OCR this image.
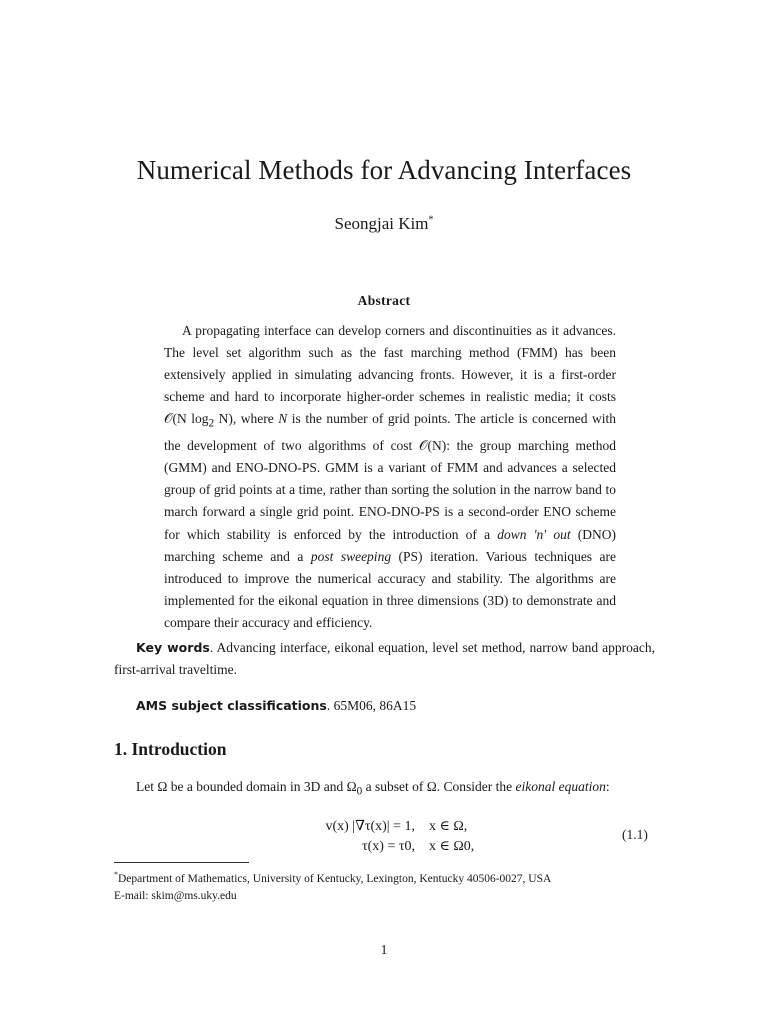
Numerical Methods for Advancing Interfaces

Seongjai Kim*

Abstract

A propagating interface can develop corners and discontinuities as it advances. The level set algorithm such as the fast marching method (FMM) has been extensively applied in simulating advancing fronts. However, it is a first-order scheme and hard to incorporate higher-order schemes in realistic media; it costs 𝒪(N $\log_2 N$), where N is the number of grid points. The article is concerned with the development of two algorithms of cost 𝒪(N): the group marching method (GMM) and ENO-DNO-PS. GMM is a variant of FMM and advances a selected group of grid points at a time, rather than sorting the solution in the narrow band to march forward a single grid point. ENO-DNO-PS is a second-order ENO scheme for which stability is enforced by the introduction of a down 'n' out (DNO) marching scheme and a post sweeping (PS) iteration. Various techniques are introduced to improve the numerical accuracy and stability. The algorithms are implemented for the eikonal equation in three dimensions (3D) to demonstrate and compare their accuracy and efficiency.

Key words. Advancing interface, eikonal equation, level set method, narrow band approach, first-arrival traveltime.

AMS subject classifications. 65M06, 86A15

1. Introduction

Let Ω be a bounded domain in 3D and $\Omega_0$ a subset of Ω. Consider the eikonal equation:

v(x) |∇τ(x)| = 1, x ∈ Ω,

τ(x) = τ0, x ∈ Ω0,

(1.1)

*Department of Mathematics, University of Kentucky, Lexington, Kentucky 40506-0027, USA
E-mail: skim@ms.uky.edu

1
